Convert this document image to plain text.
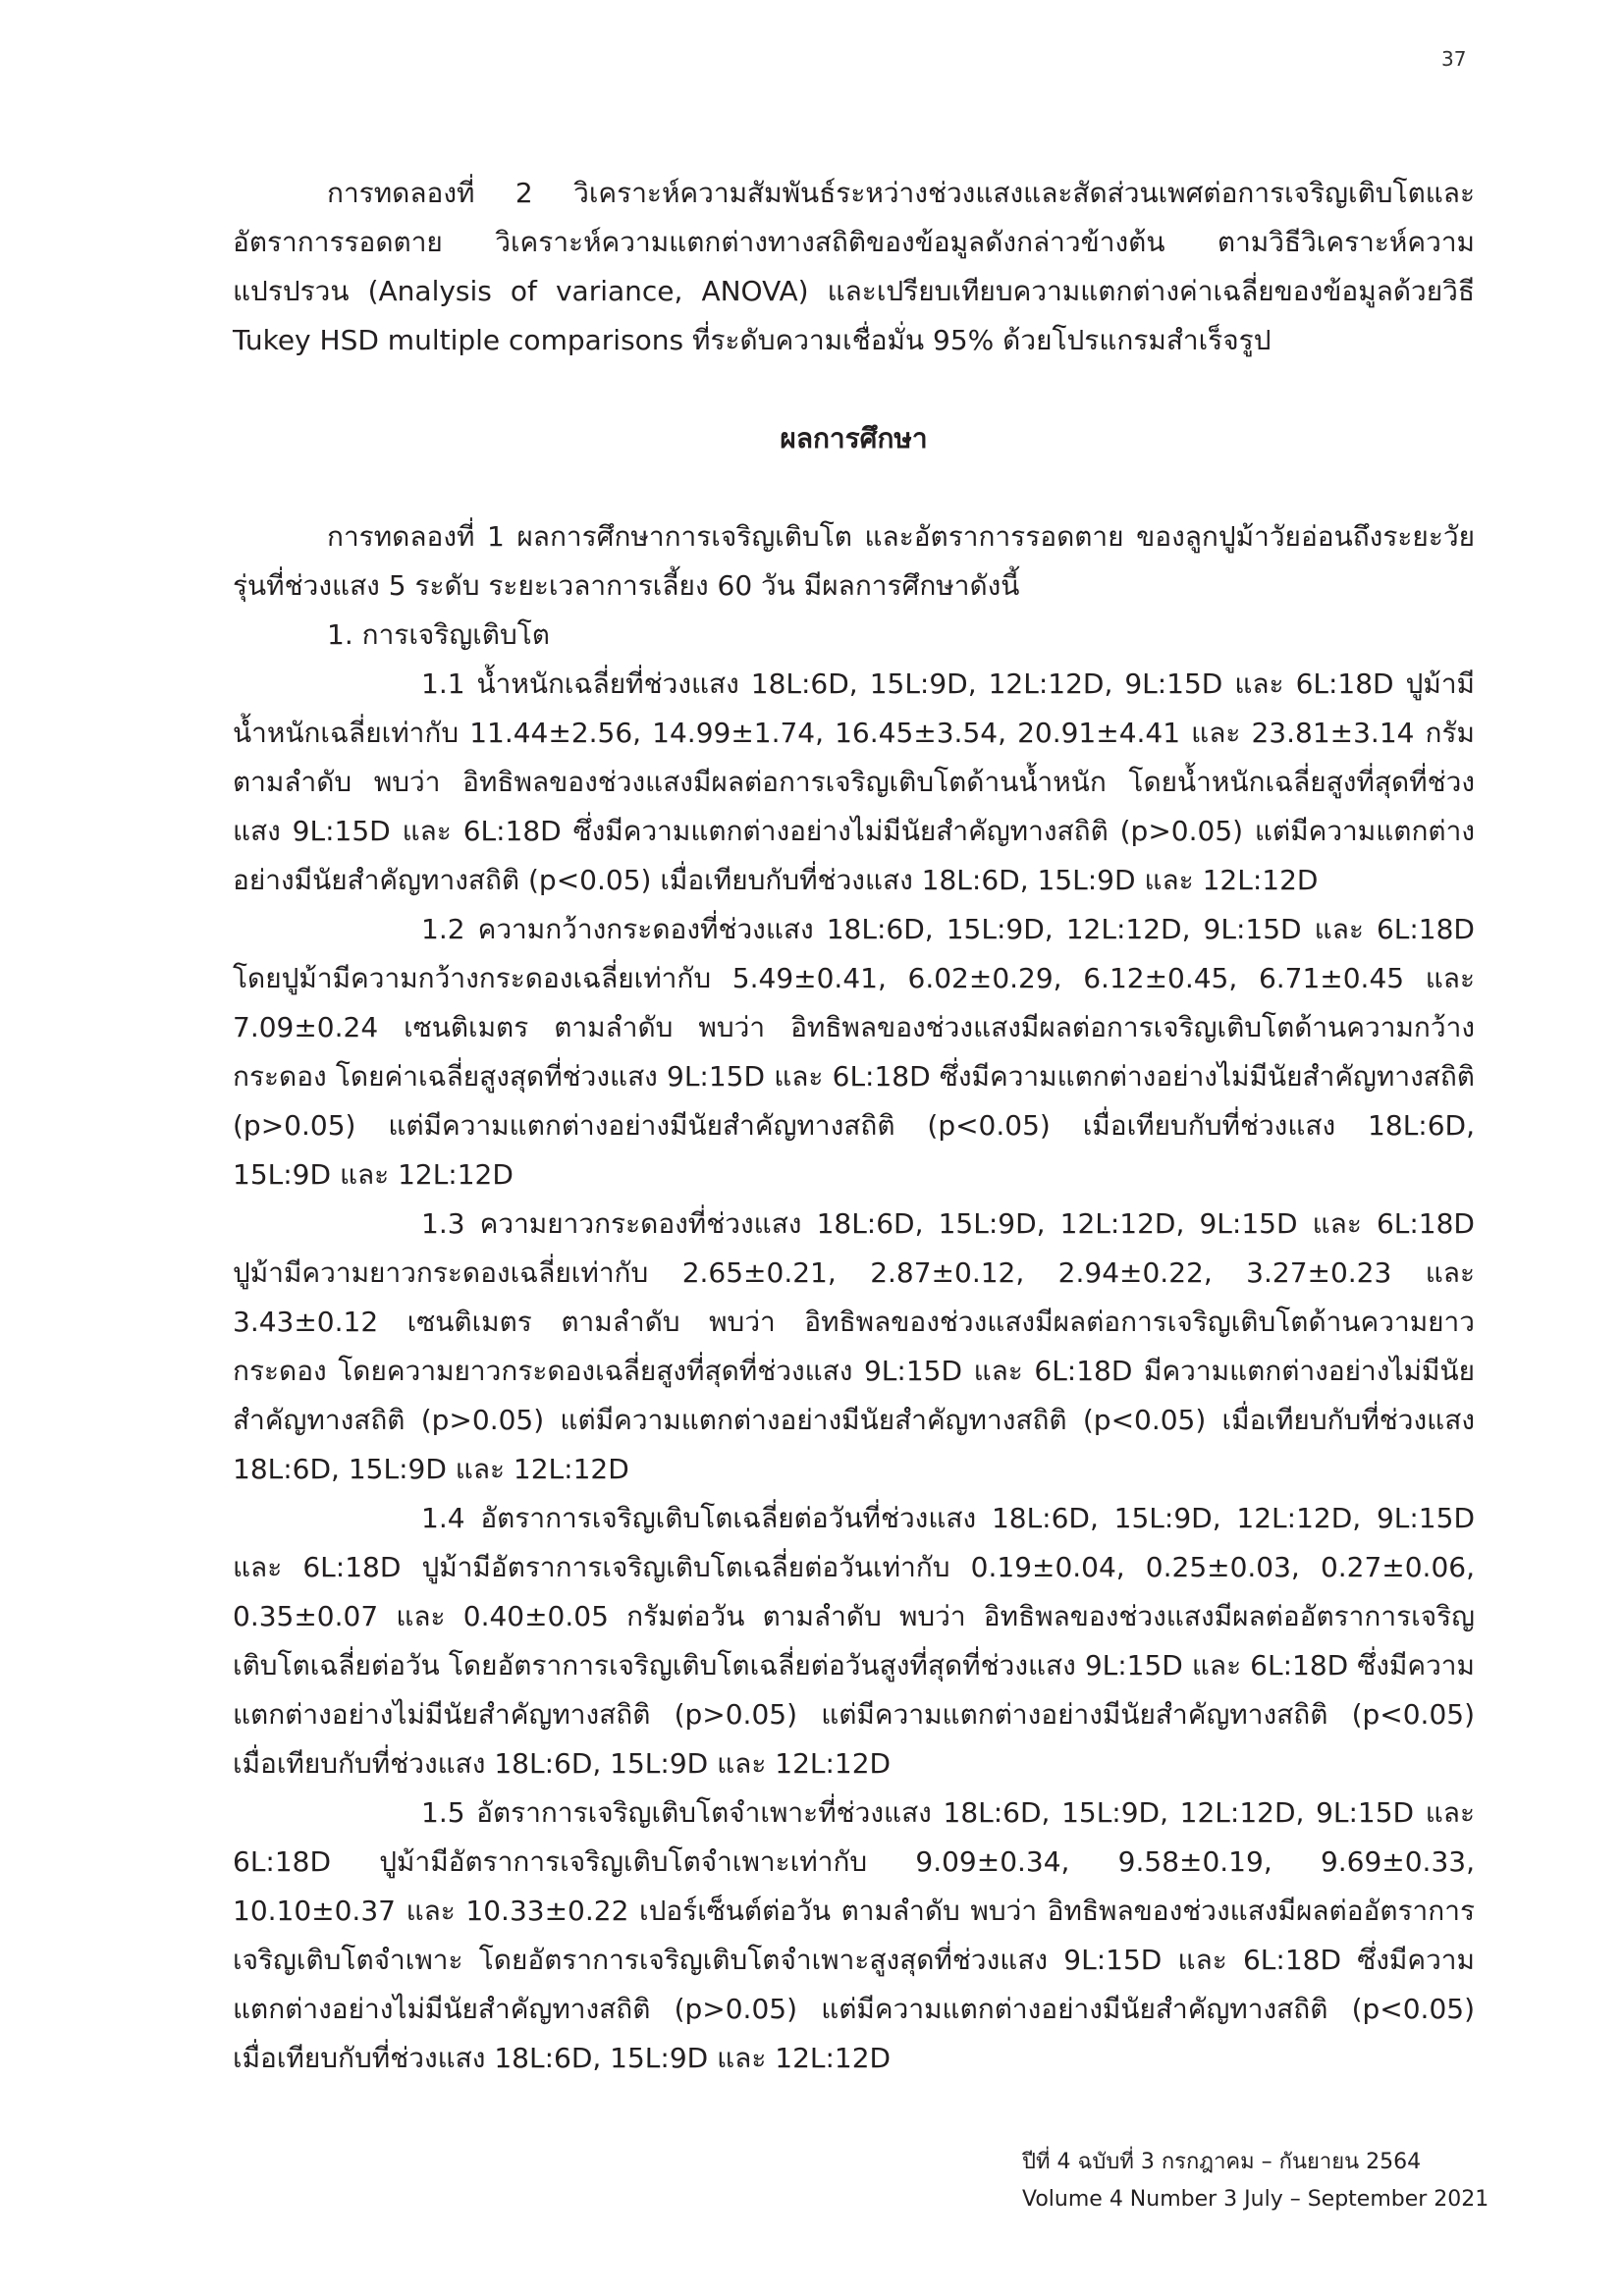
37

การทดลองที่ 2 วิเคราะห์ความสัมพันธ์ระหว่างช่วงแสงและสัดส่วนเพศต่อการเจริญเติบโตและอัตราการรอดตาย วิเคราะห์ความแตกต่างทางสถิติของข้อมูลดังกล่าวข้างต้น ตามวิธีวิเคราะห์ความแปรปรวน (Analysis of variance, ANOVA) และเปรียบเทียบความแตกต่างค่าเฉลี่ยของข้อมูลด้วยวิธี Tukey HSD multiple comparisons ที่ระดับความเชื่อมั่น 95% ด้วยโปรแกรมสำเร็จรูป

ผลการศึกษา

การทดลองที่ 1 ผลการศึกษาการเจริญเติบโต และอัตราการรอดตาย ของลูกปูม้าวัยอ่อนถึงระยะวัยรุ่นที่ช่วงแสง 5 ระดับ ระยะเวลาการเลี้ยง 60 วัน มีผลการศึกษาดังนี้

1. การเจริญเติบโต

1.1 น้ำหนักเฉลี่ยที่ช่วงแสง 18L:6D, 15L:9D, 12L:12D, 9L:15D และ 6L:18D ปูม้ามีน้ำหนักเฉลี่ยเท่ากับ 11.44±2.56, 14.99±1.74, 16.45±3.54, 20.91±4.41 และ 23.81±3.14 กรัม ตามลำดับ พบว่า อิทธิพลของช่วงแสงมีผลต่อการเจริญเติบโตด้านน้ำหนัก โดยน้ำหนักเฉลี่ยสูงที่สุดที่ช่วงแสง 9L:15D และ 6L:18D ซึ่งมีความแตกต่างอย่างไม่มีนัยสำคัญทางสถิติ (p>0.05) แต่มีความแตกต่างอย่างมีนัยสำคัญทางสถิติ (p<0.05) เมื่อเทียบกับที่ช่วงแสง 18L:6D, 15L:9D และ 12L:12D

1.2 ความกว้างกระดองที่ช่วงแสง 18L:6D, 15L:9D, 12L:12D, 9L:15D และ 6L:18D โดยปูม้ามีความกว้างกระดองเฉลี่ยเท่ากับ 5.49±0.41, 6.02±0.29, 6.12±0.45, 6.71±0.45 และ 7.09±0.24 เซนติเมตร ตามลำดับ พบว่า อิทธิพลของช่วงแสงมีผลต่อการเจริญเติบโตด้านความกว้างกระดอง โดยค่าเฉลี่ยสูงสุดที่ช่วงแสง 9L:15D และ 6L:18D ซึ่งมีความแตกต่างอย่างไม่มีนัยสำคัญทางสถิติ (p>0.05) แต่มีความแตกต่างอย่างมีนัยสำคัญทางสถิติ (p<0.05) เมื่อเทียบกับที่ช่วงแสง 18L:6D, 15L:9D และ 12L:12D

1.3 ความยาวกระดองที่ช่วงแสง 18L:6D, 15L:9D, 12L:12D, 9L:15D และ 6L:18D ปูม้ามีความยาวกระดองเฉลี่ยเท่ากับ 2.65±0.21, 2.87±0.12, 2.94±0.22, 3.27±0.23 และ 3.43±0.12 เซนติเมตร ตามลำดับ พบว่า อิทธิพลของช่วงแสงมีผลต่อการเจริญเติบโตด้านความยาวกระดอง โดยความยาวกระดองเฉลี่ยสูงที่สุดที่ช่วงแสง 9L:15D และ 6L:18D มีความแตกต่างอย่างไม่มีนัยสำคัญทางสถิติ (p>0.05) แต่มีความแตกต่างอย่างมีนัยสำคัญทางสถิติ (p<0.05) เมื่อเทียบกับที่ช่วงแสง 18L:6D, 15L:9D และ 12L:12D

1.4 อัตราการเจริญเติบโตเฉลี่ยต่อวันที่ช่วงแสง 18L:6D, 15L:9D, 12L:12D, 9L:15D และ 6L:18D ปูม้ามีอัตราการเจริญเติบโตเฉลี่ยต่อวันเท่ากับ 0.19±0.04, 0.25±0.03, 0.27±0.06, 0.35±0.07 และ 0.40±0.05 กรัมต่อวัน ตามลำดับ พบว่า อิทธิพลของช่วงแสงมีผลต่ออัตราการเจริญเติบโตเฉลี่ยต่อวัน โดยอัตราการเจริญเติบโตเฉลี่ยต่อวันสูงที่สุดที่ช่วงแสง 9L:15D และ 6L:18D ซึ่งมีความแตกต่างอย่างไม่มีนัยสำคัญทางสถิติ (p>0.05) แต่มีความแตกต่างอย่างมีนัยสำคัญทางสถิติ (p<0.05) เมื่อเทียบกับที่ช่วงแสง 18L:6D, 15L:9D และ 12L:12D

1.5 อัตราการเจริญเติบโตจำเพาะที่ช่วงแสง 18L:6D, 15L:9D, 12L:12D, 9L:15D และ 6L:18D ปูม้ามีอัตราการเจริญเติบโตจำเพาะเท่ากับ 9.09±0.34, 9.58±0.19, 9.69±0.33, 10.10±0.37 และ 10.33±0.22 เปอร์เซ็นต์ต่อวัน ตามลำดับ พบว่า อิทธิพลของช่วงแสงมีผลต่ออัตราการเจริญเติบโตจำเพาะ โดยอัตราการเจริญเติบโตจำเพาะสูงสุดที่ช่วงแสง 9L:15D และ 6L:18D ซึ่งมีความแตกต่างอย่างไม่มีนัยสำคัญทางสถิติ (p>0.05) แต่มีความแตกต่างอย่างมีนัยสำคัญทางสถิติ (p<0.05) เมื่อเทียบกับที่ช่วงแสง 18L:6D, 15L:9D และ 12L:12D

ปีที่ 4 ฉบับที่ 3 กรกฎาคม – กันยายน 2564
Volume 4 Number 3 July – September 2021
